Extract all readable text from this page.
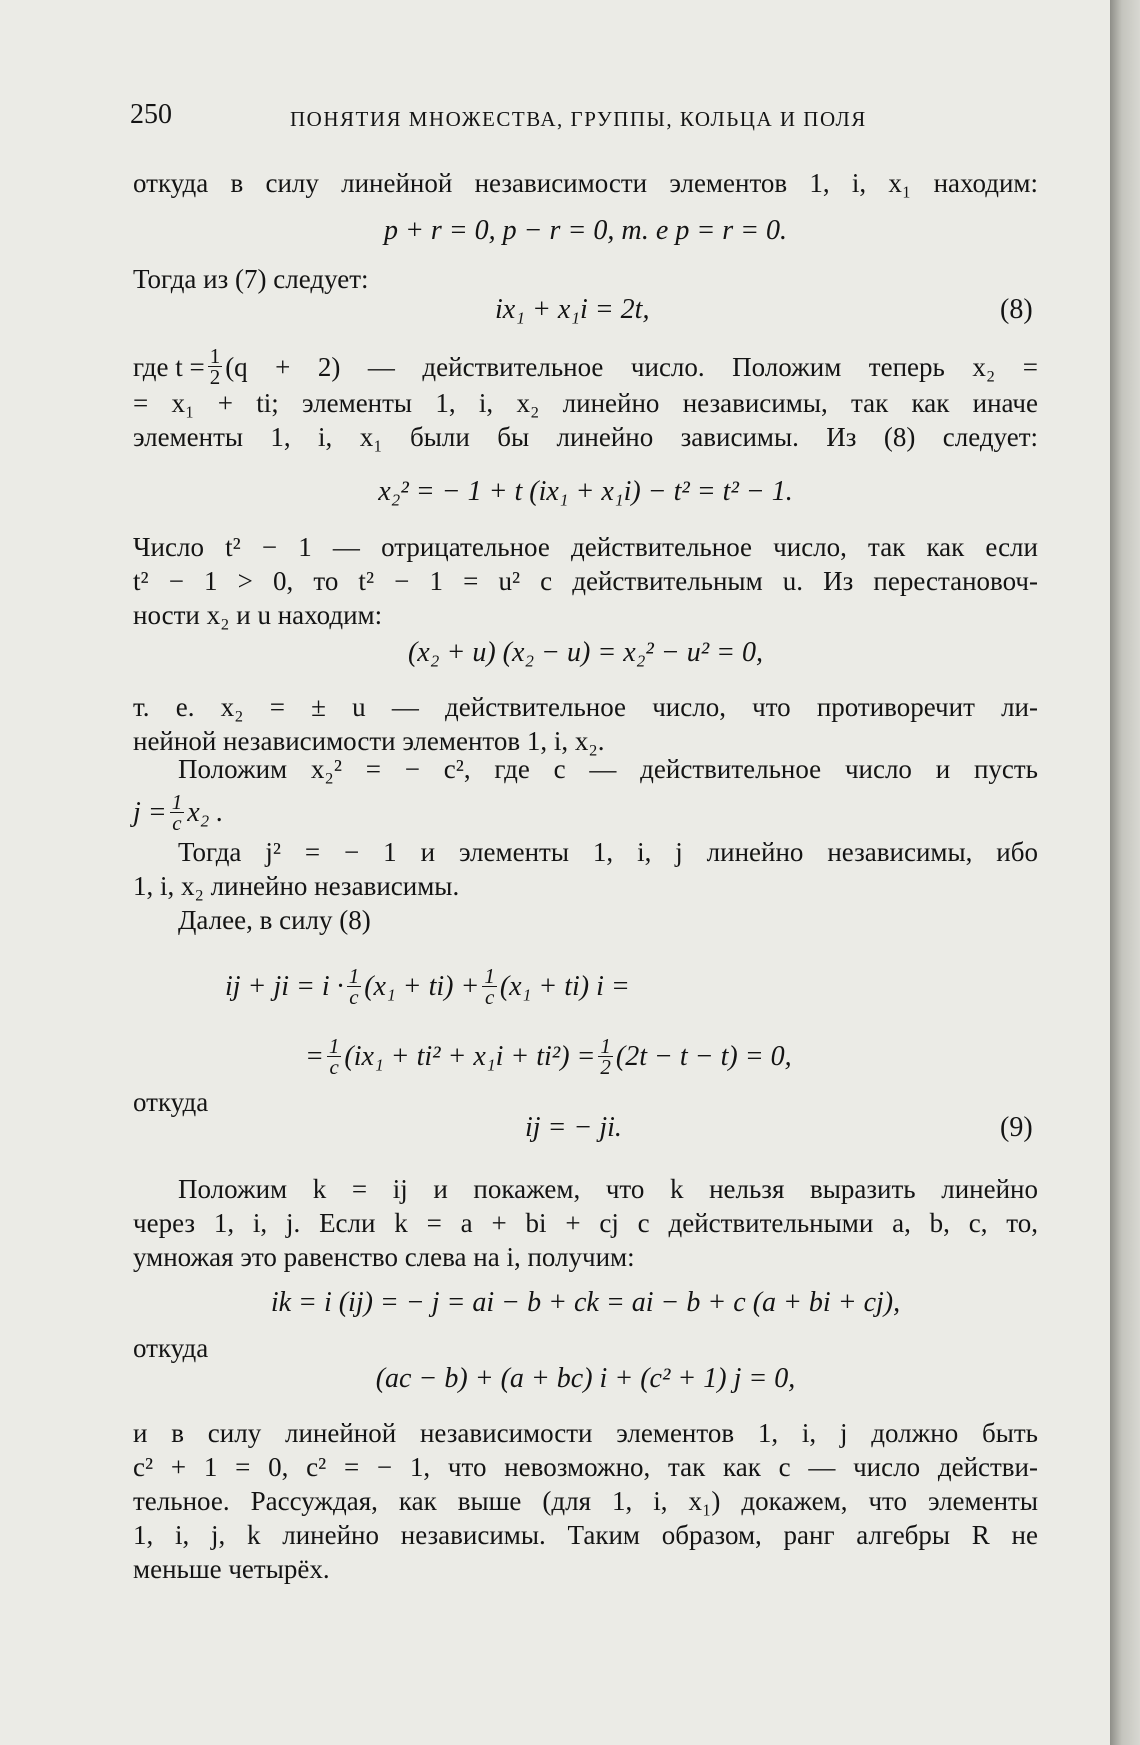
250	ПОНЯТИЯ МНОЖЕСТВА, ГРУППЫ, КОЛЬЦА И ПОЛЯ
откуда в силу линейной независимости элементов 1, i, x₁ находим:
p + r = 0, p − r = 0, т. е p = r = 0.
Тогда из (7) следует:
ix₁ + x₁i = 2t,	(8)
где $t = \frac{1}{2} (q + 2)$ — действительное число. Положим теперь x₂ =
= x₁ + ti; элементы 1, i, x₂ линейно независимы, так как иначе
элементы 1, i, x₁ были бы линейно зависимы. Из (8) следует:
x₂² = − 1 + t (ix₁ + x₁i) − t² = t² − 1.
Число t² − 1 — отрицательное действительное число, так как если
t² − 1 > 0, то t² − 1 = u² с действительным u. Из перестановоч-
ности x₂ и u находим:
(x₂ + u) (x₂ − u) = x₂² − u² = 0,
т. е. x₂ = ± u — действительное число, что противоречит ли-
нейной независимости элементов 1, i, x₂.
Положим x₂² = − c², где c — действительное число и пусть
$j = \frac{1}{c} x_2$ .
Тогда j² = − 1 и элементы 1, i, j линейно независимы, ибо
1, i, x₂ линейно независимы.
Далее, в силу (8)
ij + ji = $i \cdot \frac{1}{c} (x_1 + ti) + \frac{1}{c} (x_1 + ti) i$ =
= $\frac{1}{c} (ix_1 + ti^2 + x_1i + ti^2) = \frac{1}{2} (2t - t - t) = 0$,
откуда
ij = − ji.	(9)
Положим k = ij и покажем, что k нельзя выразить линейно
через 1, i, j. Если k = a + bi + cj с действительными a, b, c, то,
умножая это равенство слева на i, получим:
ik = i (ij) = − j = ai − b + ck = ai − b + c (a + bi + cj),
откуда
(ac − b) + (a + bc) i + (c² + 1) j = 0,
и в силу линейной независимости элементов 1, i, j должно быть
c² + 1 = 0, c² = − 1, что невозможно, так как c — число действи-
тельное. Рассуждая, как выше (для 1, i, x₁) докажем, что элементы
1, i, j, k линейно независимы. Таким образом, ранг алгебры R не
меньше четырёх.
